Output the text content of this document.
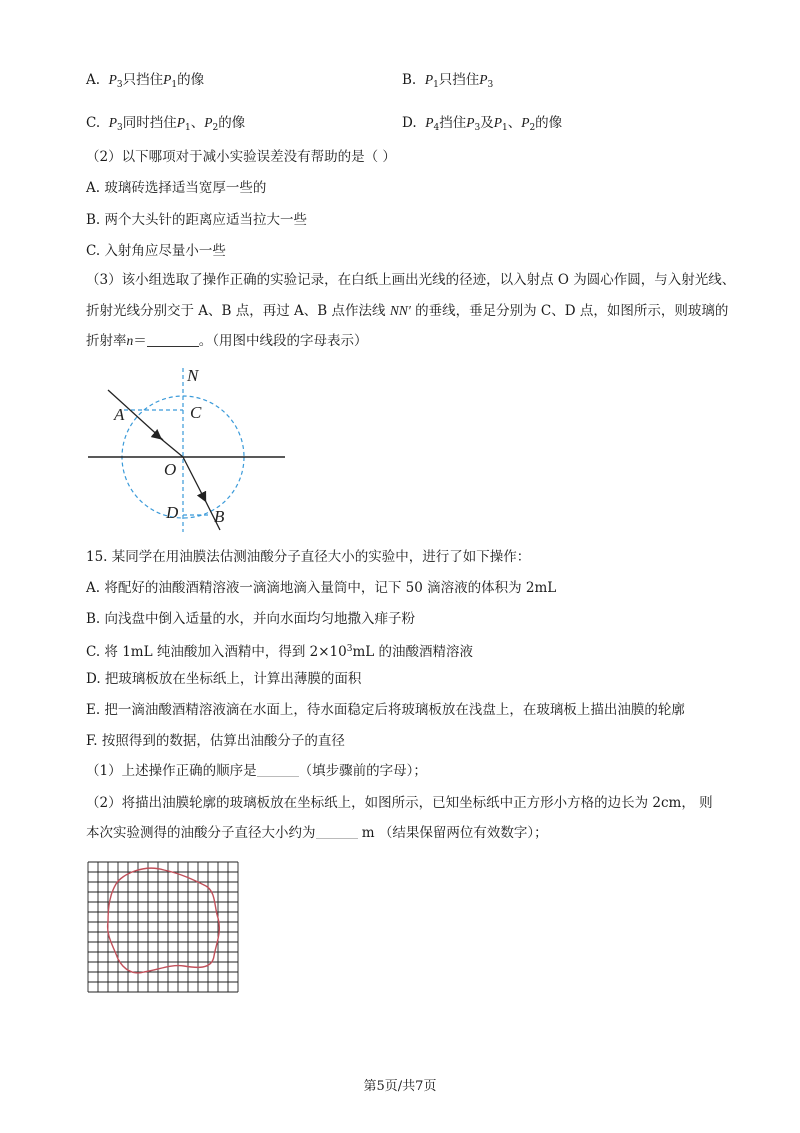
A. $P_3$只挡住$P_1$的像	B. $P_1$只挡住$P_3$
C. $P_3$同时挡住$P_1$、$P_2$的像	D. $P_4$挡住$P_3$及$P_1$、$P_2$的像
（2）以下哪项对于减小实验误差没有帮助的是（ ）
A. 玻璃砖选择适当宽厚一些的
B. 两个大头针的距离应适当拉大一些
C. 入射角应尽量小一些
（3）该小组选取了操作正确的实验记录，在白纸上画出光线的径迹，以入射点 O 为圆心作圆，与入射光线、
折射光线分别交于 A、B 点，再过 A、B 点作法线 NN′ 的垂线，垂足分别为 C、D 点，如图所示，则玻璃的
折射率n＝	。（用图中线段的字母表示）
N
A	C
O
D B
15. 某同学在用油膜法估测油酸分子直径大小的实验中，进行了如下操作：
A. 将配好的油酸酒精溶液一滴滴地滴入量筒中，记下 50 滴溶液的体积为 2mL
B. 向浅盘中倒入适量的水，并向水面均匀地撒入痱子粉
C. 将 1mL 纯油酸加入酒精中，得到 $2\times 10^3mL$ 的油酸酒精溶液
D. 把玻璃板放在坐标纸上，计算出薄膜的面积
E. 把一滴油酸酒精溶液滴在水面上，待水面稳定后将玻璃板放在浅盘上，在玻璃板上描出油膜的轮廓
F. 按照得到的数据，估算出油酸分子的直径
（1）上述操作正确的顺序是	（填步骤前的字母）；
（2）将描出油膜轮廓的玻璃板放在坐标纸上，如图所示，已知坐标纸中正方形小方格的边长为 2cm， 则
本次实验测得的油酸分子直径大小约为	m （结果保留两位有效数字）；
第5页/共7页
